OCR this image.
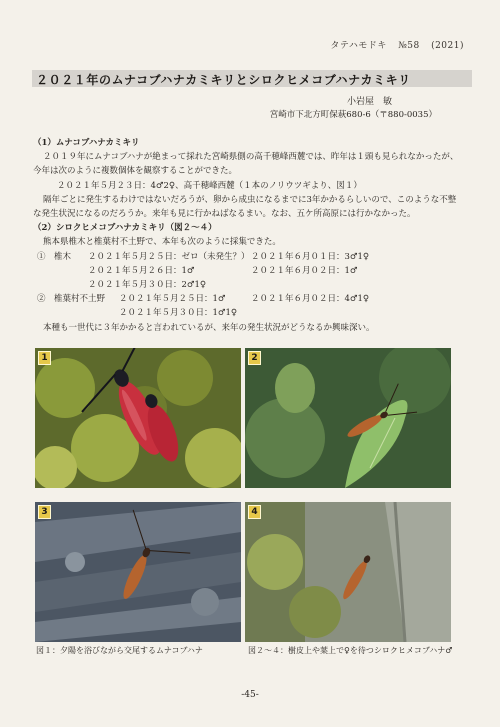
タテハモドキ №58 (2021)
２０２１年のムナコブハナカミキリとシロクヒメコブハナカミキリ
小岩屋　敏
宮崎市下北方町保萩680-6（〒880-0035）
（1）ムナコブハナカミキリ
２０１９年にムナコブハナが絶まって採れた宮崎県側の高千穂峰西麓では、昨年は１頭も見られなかったが、
今年は次のように複数個体を観察することができた。
２０２１年５月２３日：4♂2♀、高千穂峰西麓（１本のノリウツギより、図１）
隔年ごとに発生するわけではないだろうが、卵から成虫になるまでに3年かかるらしいので、このような不整
な発生状況になるのだろうか。来年も見に行かねばなるまい。なお、五ケ所高原には行かなかった。
（2）シロクヒメコブハナカミキリ（図２～４）
熊本県椎木と椎葉村不土野で、本年も次のように採集できた。
①　椎木 ２０２１年５月２５日：ゼロ（未発生？） ２０２１年６月０１日：3♂1♀
２０２１年５月２６日：1♂	２０２１年６月０２日：1♂
２０２１年５月３０日：2♂1♀
②　椎葉村不土野 ２０２１年５月２５日：1♂	２０２１年６月０２日：4♂1♀
２０２１年５月３０日：1♂1♀
本種も一世代に３年かかると言われているが、来年の発生状況がどうなるか興味深い。
1	2
3	4
図１：夕陽を浴びながら交尾するムナコブハナ	図２～４：樹皮上や葉上で♀を待つシロクヒメコブハナ♂
-45-
